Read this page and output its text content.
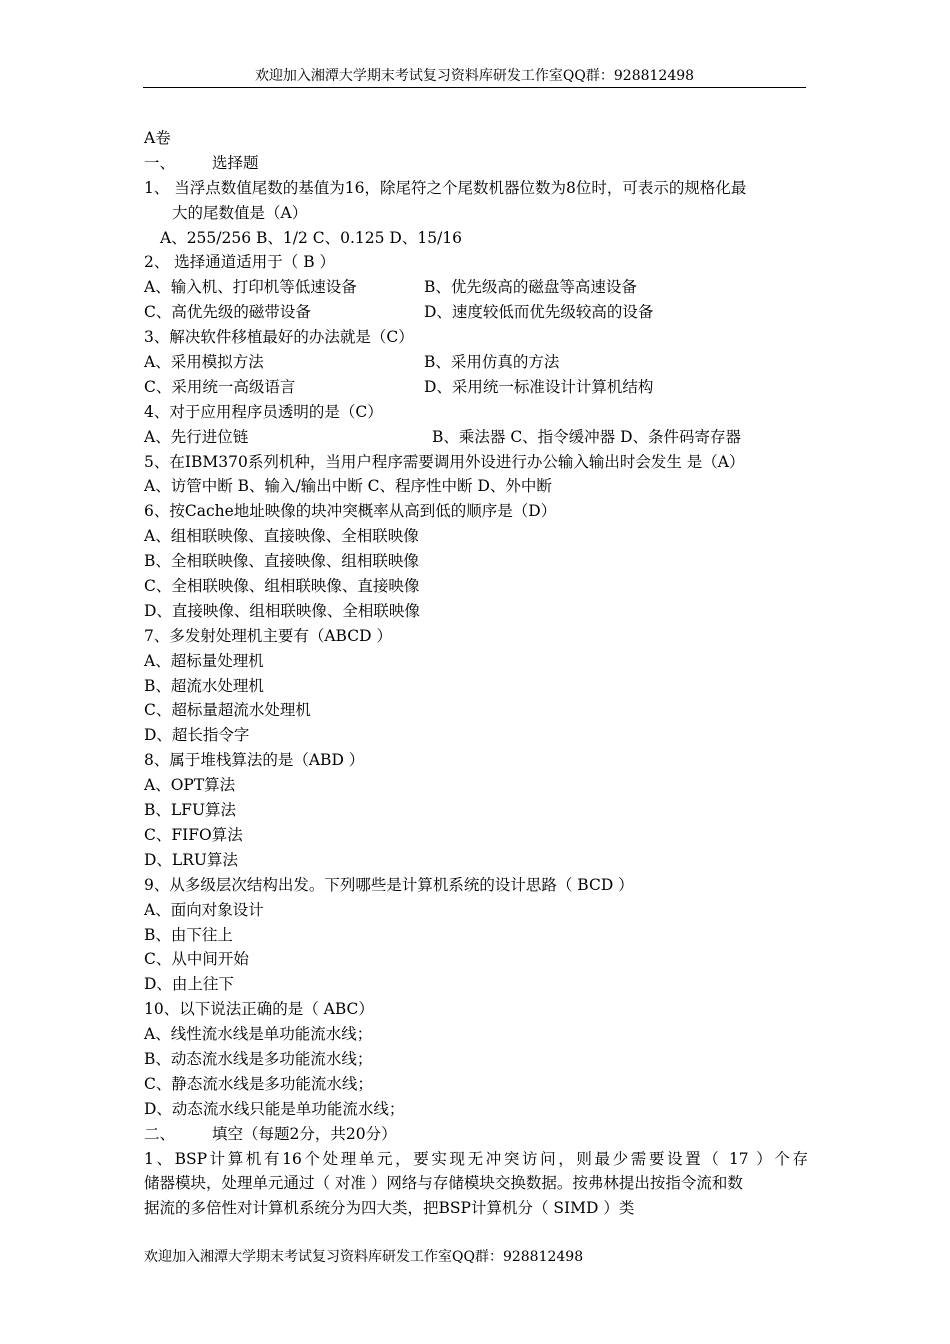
欢迎加入湘潭大学期末考试复习资料库研发工作室QQ群：928812498
A卷
一、	选择题
1、 当浮点数值尾数的基值为16，除尾符之个尾数机器位数为8位时，可表示的规格化最
大的尾数值是（A）
A、255/256 B、1/2 C、0.125 D、15/16
2、 选择通道适用于（ B ）
A、输入机、打印机等低速设备	B、优先级高的磁盘等高速设备
C、高优先级的磁带设备	D、速度较低而优先级较高的设备
3、解决软件移植最好的办法就是（C）
A、采用模拟方法	B、采用仿真的方法
C、采用统一高级语言	D、采用统一标准设计计算机结构
4、对于应用程序员透明的是（C）
A、先行进位链	B、乘法器 C、指令缓冲器 D、条件码寄存器
5、在IBM370系列机种，当用户程序需要调用外设进行办公输入输出时会发生 是（A）
A、访管中断 B、输入/输出中断 C、程序性中断 D、外中断
6、按Cache地址映像的块冲突概率从高到低的顺序是（D）
A、组相联映像、直接映像、全相联映像
B、全相联映像、直接映像、组相联映像
C、全相联映像、组相联映像、直接映像
D、直接映像、组相联映像、全相联映像
7、多发射处理机主要有（ABCD ）
A、超标量处理机
B、超流水处理机
C、超标量超流水处理机
D、超长指令字
8、属于堆栈算法的是（ABD ）
A、OPT算法
B、LFU算法
C、FIFO算法
D、LRU算法
9、从多级层次结构出发。下列哪些是计算机系统的设计思路（ BCD ）
A、面向对象设计
B、由下往上
C、从中间开始
D、由上往下
10、以下说法正确的是（ ABC）
A、线性流水线是单功能流水线；
B、动态流水线是多功能流水线；
C、静态流水线是多功能流水线；
D、动态流水线只能是单功能流水线；
二、	填空（每题2分，共20分）
1、BSP计算机有16个处理单元，要实现无冲突访问，则最少需要设置（ 17 ）个存
储器模块，处理单元通过（ 对准 ）网络与存储模块交换数据。按弗林提出按指令流和数
据流的多倍性对计算机系统分为四大类，把BSP计算机分（ SIMD ）类
欢迎加入湘潭大学期末考试复习资料库研发工作室QQ群：928812498
